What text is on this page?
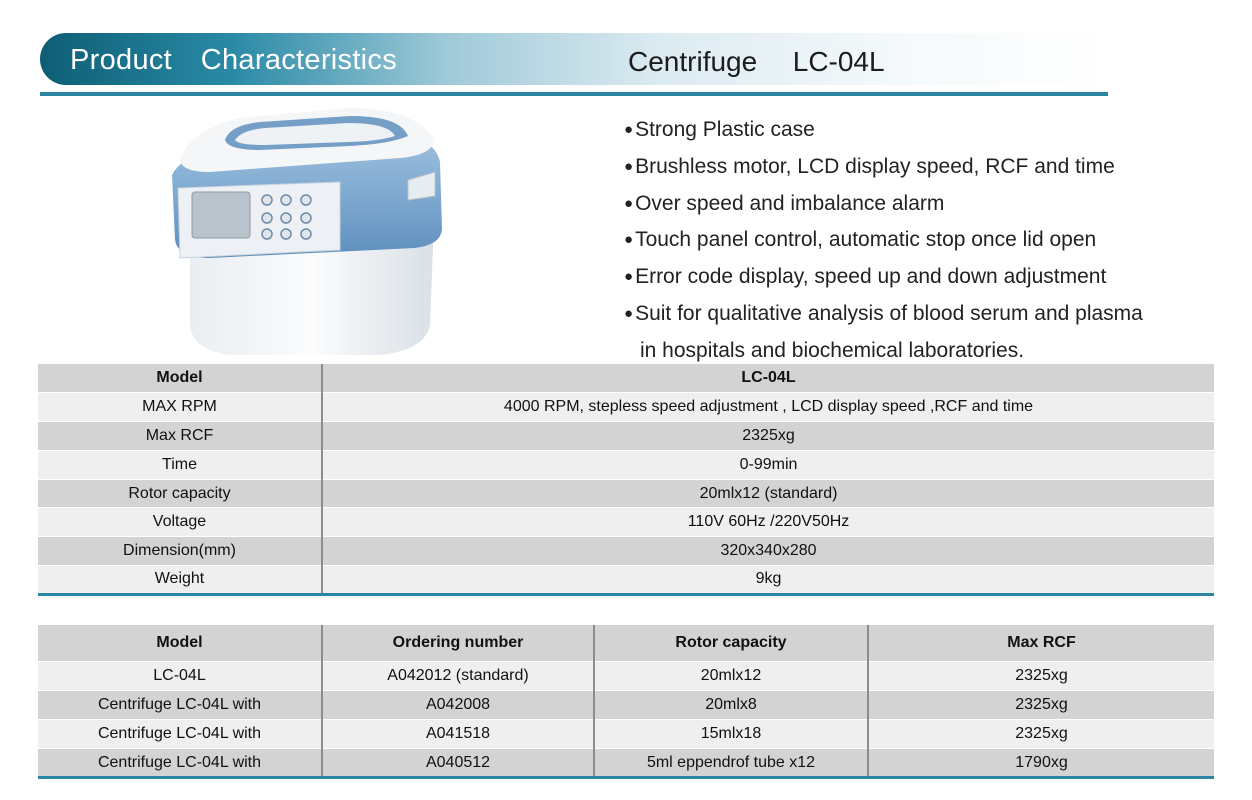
Product  Characteristics	Centrifuge  LC-04L
●Strong Plastic case
●Brushless motor, LCD display speed, RCF and time
●Over speed and imbalance alarm
●Touch panel control, automatic stop once lid open
●Error code display, speed up and down adjustment
●Suit for qualitative analysis of blood serum and plasma
in hospitals and biochemical laboratories.
Model	LC-04L
MAX RPM	4000 RPM, stepless speed adjustment , LCD display speed ,RCF and time
Max RCF	2325xg
Time	0-99min
Rotor capacity	20mlx12 (standard)
Voltage	110V 60Hz /220V50Hz
Dimension(mm)	320x340x280
Weight	9kg
Model	Ordering number	Rotor capacity	Max RCF
LC-04L	A042012 (standard)	20mlx12	2325xg
Centrifuge LC-04L with	A042008	20mlx8	2325xg
Centrifuge LC-04L with	A041518	15mlx18	2325xg
Centrifuge LC-04L with	A040512	5ml eppendrof tube x12	1790xg
